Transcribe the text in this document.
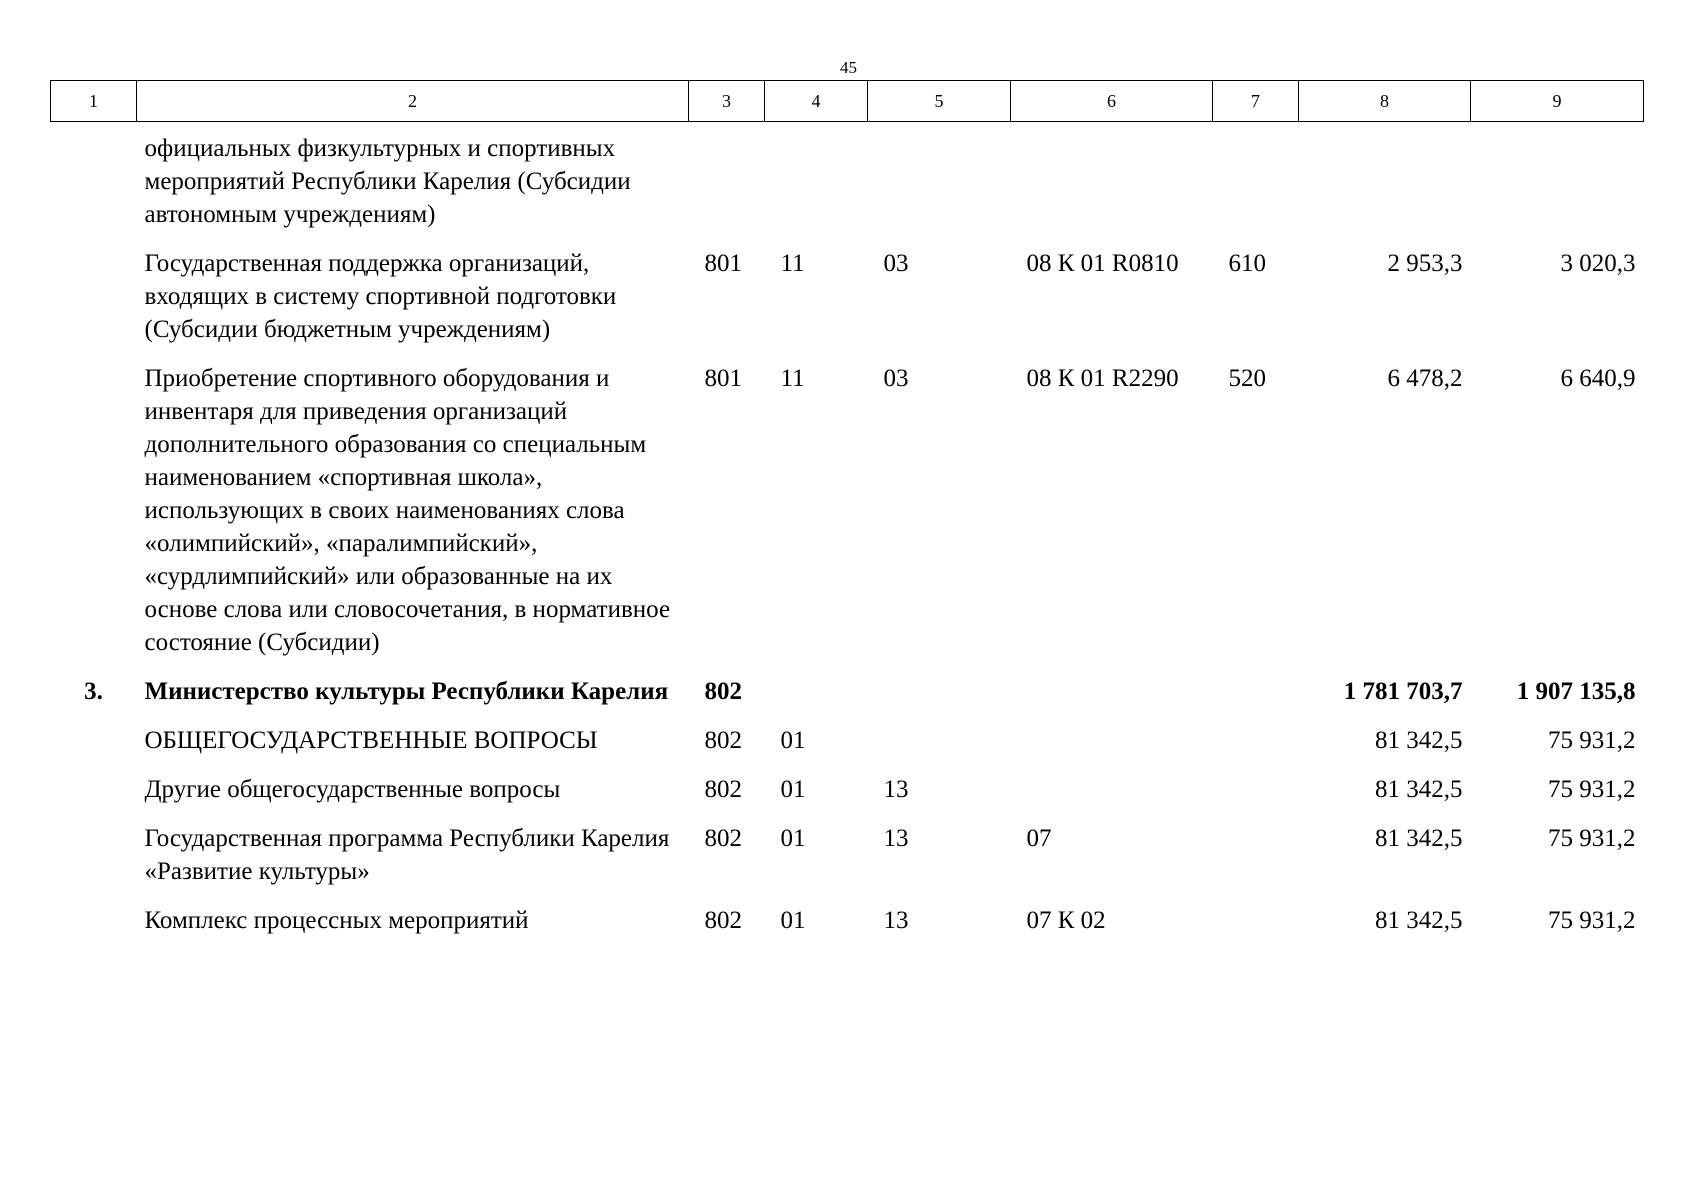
45
1	2	3	4	5	6	7	8	9
	официальных физкультурных и спортивных мероприятий Республики Карелия (Субсидии автономным учреждениям)							
	Государственная поддержка организаций, входящих в систему спортивной подготовки (Субсидии бюджетным учреждениям)	801	11	03	08 К 01 R0810	610	2 953,3	3 020,3
	Приобретение спортивного оборудования и инвентаря для приведения организаций дополнительного образования со специальным наименованием «спортивная школа», использующих в своих наименованиях слова «олимпийский», «паралимпийский», «сурдлимпийский» или образованные на их основе слова или словосочетания, в нормативное состояние (Субсидии)	801	11	03	08 К 01 R2290	520	6 478,2	6 640,9
3.	Министерство культуры Республики Карелия	802					1 781 703,7	1 907 135,8
	ОБЩЕГОСУДАРСТВЕННЫЕ ВОПРОСЫ	802	01				81 342,5	75 931,2
	Другие общегосударственные вопросы	802	01	13			81 342,5	75 931,2
	Государственная программа Республики Карелия «Развитие культуры»	802	01	13	07		81 342,5	75 931,2
	Комплекс процессных мероприятий	802	01	13	07 К 02		81 342,5	75 931,2
